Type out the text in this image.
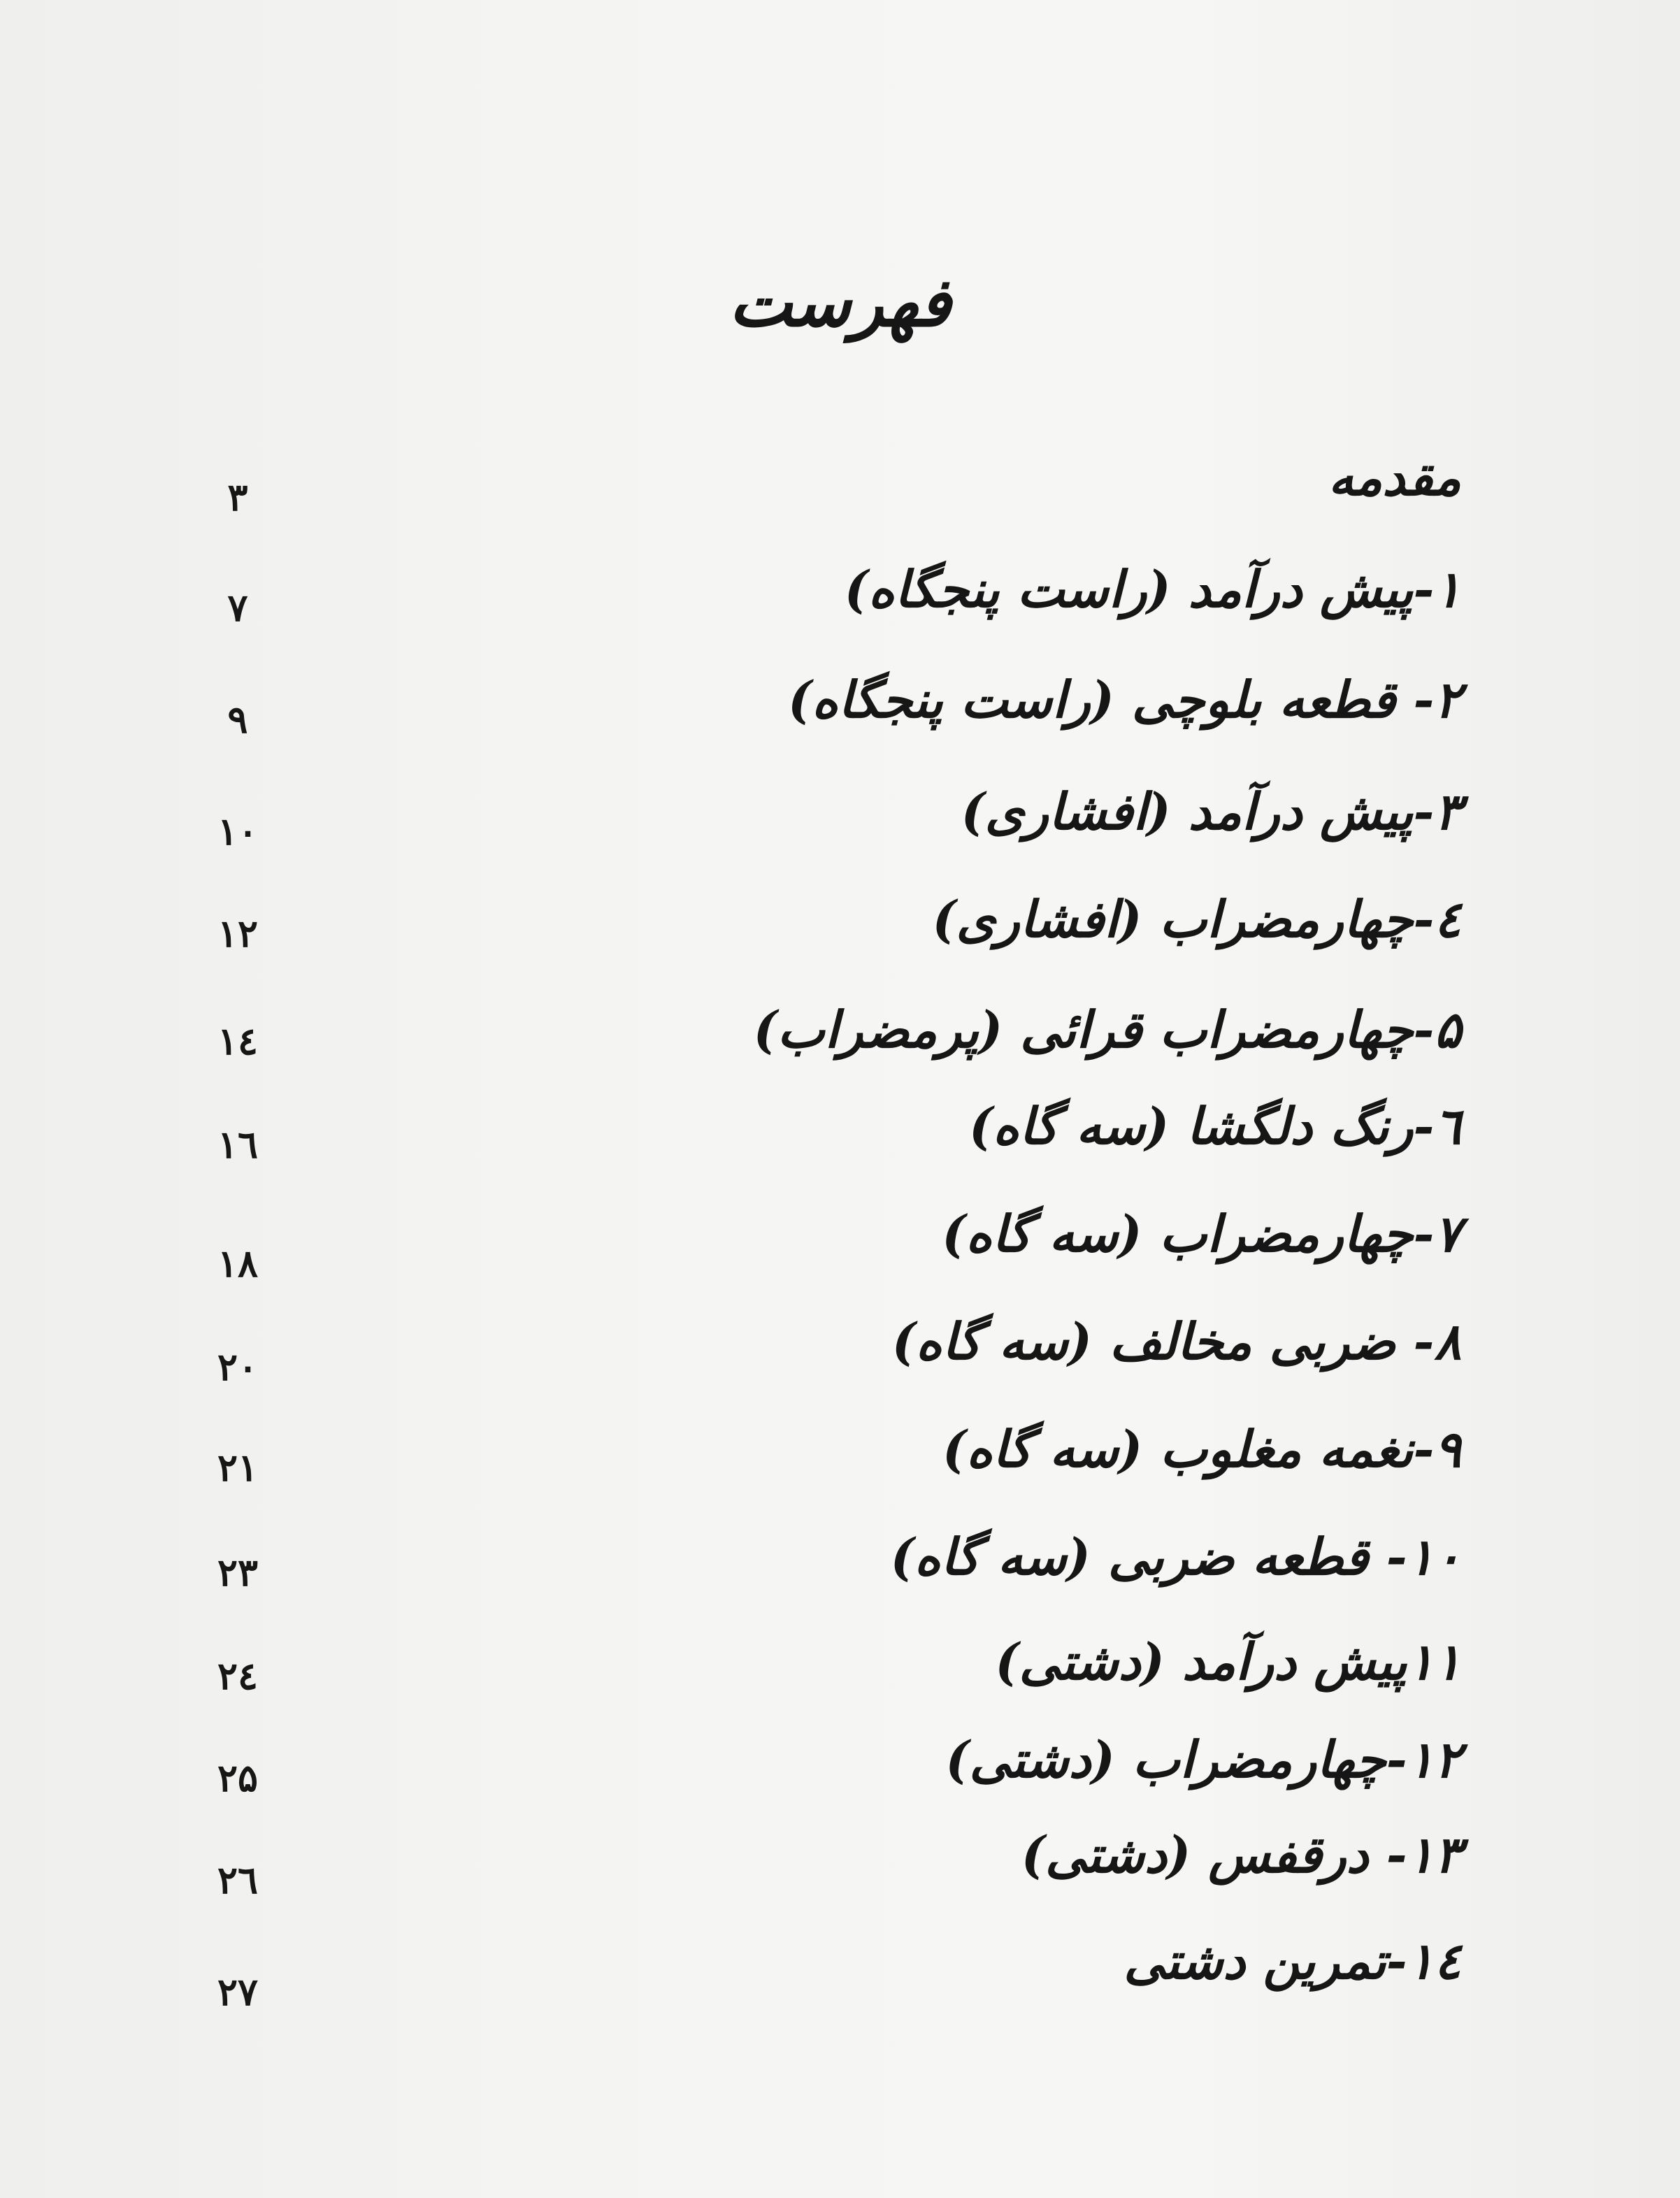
فهرست
مقدمه
۳
۱-پیش درآمد (راست پنجگاه)
۷
۲- قطعه بلوچی (راست پنجگاه)
۹
۳-پیش درآمد (افشاری)
۱۰
٤-چهارمضراب (افشاری)
۱۲
۵-چهارمضراب قرائی (پرمضراب)
۱٤
٦-رنگ دلگشا (سه گاه)
۱٦
۷-چهارمضراب (سه گاه)
۱۸
۸- ضربی مخالف (سه گاه)
۲۰
۹-نغمه مغلوب (سه گاه)
۲۱
۱۰- قطعه ضربی (سه گاه)
۲۳
۱۱پیش درآمد (دشتی)
۲٤
۱۲-چهارمضراب (دشتی)
۲۵
۱۳- درقفس (دشتی)
۲٦
۱٤-تمرین دشتی
۲۷
